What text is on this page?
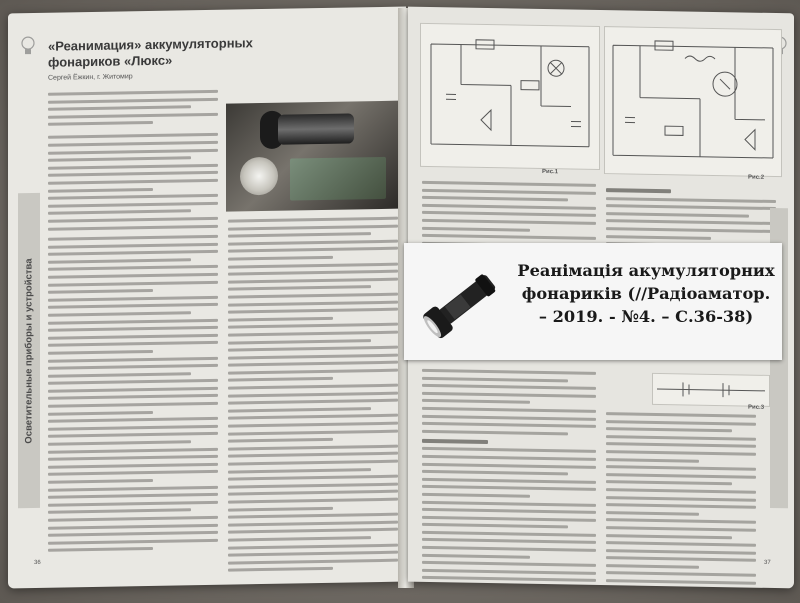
«Реанимация» аккумуляторных фонариков «Люкс»
Сергей Ёжкин, г. Житомир
Осветительные приборы и устройства
36
Рис.1
Рис.2
Рис.3
37

Реанімація акумуляторних фонариків (//Радіоаматор. – 2019. - №4. – С.36-38)
